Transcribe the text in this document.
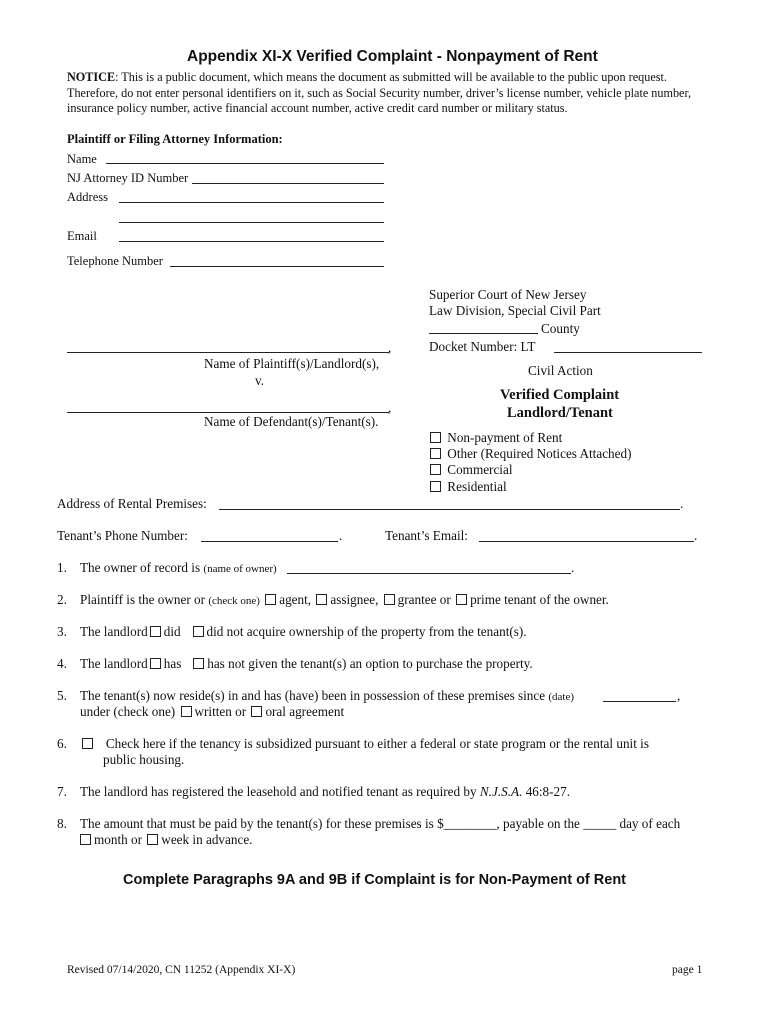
Appendix XI-X Verified Complaint - Nonpayment of Rent
NOTICE: This is a public document, which means the document as submitted will be available to the public upon request. Therefore, do not enter personal identifiers on it, such as Social Security number, driver’s license number, vehicle plate number, insurance policy number, active financial account number, active credit card number or military status.
Plaintiff or Filing Attorney Information:
Name
NJ Attorney ID Number
Address
Email
Telephone Number
Superior Court of New Jersey
Law Division, Special Civil Part
County
Docket Number: LT
Civil Action
Verified Complaint
Landlord/Tenant
,
Name of Plaintiff(s)/Landlord(s),
v.
,
Name of Defendant(s)/Tenant(s).
Non-payment of Rent
Other (Required Notices Attached)
Commercial
Residential
Address of Rental Premises:	.
Tenant’s Phone Number:	.	Tenant’s Email:	.
1. The owner of record is (name of owner)	.
2. Plaintiff is the owner or (check one) agent, assignee, grantee or prime tenant of the owner.
3. The landlord did did not acquire ownership of the property from the tenant(s).
4. The landlord has has not given the tenant(s) an option to purchase the property.
5. The tenant(s) now reside(s) in and has (have) been in possession of these premises since (date)	,
under (check one) written or oral agreement
6.	Check here if the tenancy is subsidized pursuant to either a federal or state program or the rental unit is
public housing.
7. The landlord has registered the leasehold and notified tenant as required by N.J.S.A. 46:8-27.
8. The amount that must be paid by the tenant(s) for these premises is $________, payable on the _____ day of each
month or week in advance.
Complete Paragraphs 9A and 9B if Complaint is for Non-Payment of Rent
Revised 07/14/2020, CN 11252 (Appendix XI-X)	page 1
